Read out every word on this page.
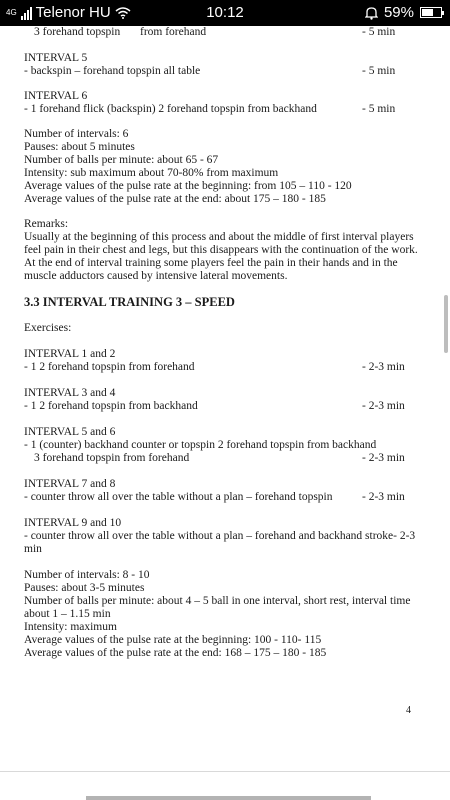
4G Telenor HU	10:12	59%
3 forehand topspin from forehand	- 5 min
INTERVAL 5
- backspin – forehand topspin all table	- 5 min
INTERVAL 6
- 1 forehand flick (backspin) 2 forehand topspin from backhand	- 5 min
Number of intervals: 6
Pauses: about 5 minutes
Number of balls per minute: about 65 - 67
Intensity: sub maximum about 70-80% from maximum
Average values of the pulse rate at the beginning: from 105 – 110 - 120
Average values of the pulse rate at the end: about 175 – 180 - 185
Remarks:
Usually at the beginning of this process and about the middle of first interval players
feel pain in their chest and legs, but this disappears with the continuation of the work.
At the end of interval training some players feel the pain in their hands and in the
muscle adductors caused by intensive lateral movements.
3.3 INTERVAL TRAINING 3 – SPEED
Exercises:
INTERVAL 1 and 2
- 1 2 forehand topspin from forehand	- 2-3 min
INTERVAL 3 and 4
- 1 2 forehand topspin from backhand	- 2-3 min
INTERVAL 5 and 6
- 1 (counter) backhand counter or topspin 2 forehand topspin from backhand
3 forehand topspin from forehand	- 2-3 min
INTERVAL 7 and 8
- counter throw all over the table without a plan – forehand topspin	- 2-3 min
INTERVAL 9 and 10
- counter throw all over the table without a plan – forehand and backhand stroke- 2-3
min
Number of intervals: 8 - 10
Pauses: about 3-5 minutes
Number of balls per minute: about 4 – 5 ball in one interval, short rest, interval time
about 1 – 1.15 min
Intensity: maximum
Average values of the pulse rate at the beginning: 100 - 110- 115
Average values of the pulse rate at the end: 168 – 175 – 180 - 185
4
